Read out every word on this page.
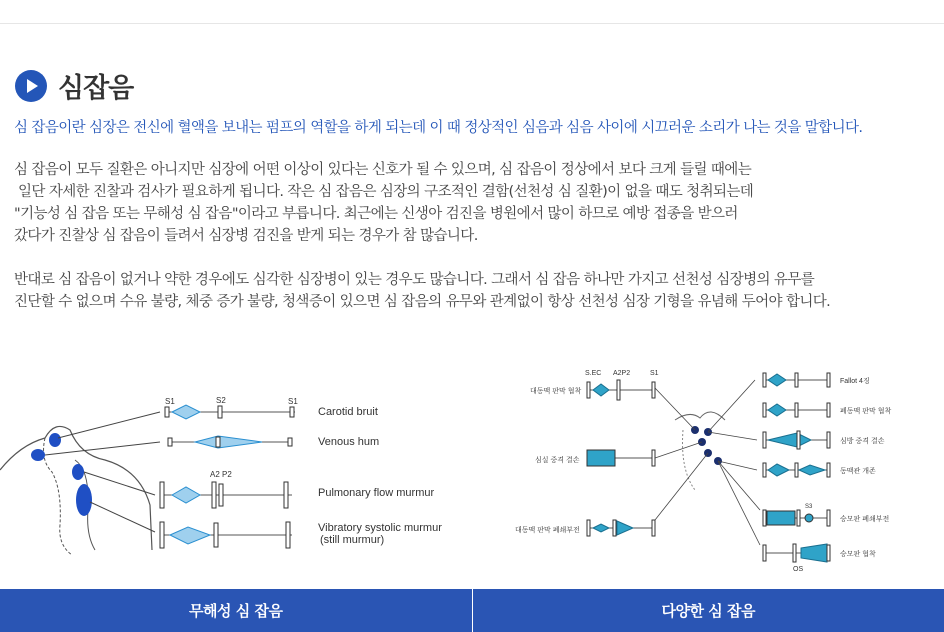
심잡음
심 잡음이란 심장은 전신에 혈액을 보내는 펌프의 역할을 하게 되는데 이 때 정상적인 심음과 심음 사이에 시끄러운 소리가 나는 것을 말합니다.
심 잡음이 모두 질환은 아니지만 심장에 어떤 이상이 있다는 신호가 될 수 있으며, 심 잡음이 정상에서 보다 크게 들릴 때에는
일단 자세한 진찰과 검사가 필요하게 됩니다. 작은 심 잡음은 심장의 구조적인 결함(선천성 심 질환)이 없을 때도 청취되는데
"기능성 심 잡음 또는 무해성 심 잡음"이라고 부릅니다. 최근에는 신생아 검진을 병원에서 많이 하므로 예방 접종을 받으러
갔다가 진찰상 심 잡음이 들려서 심장병 검진을 받게 되는 경우가 참 많습니다.
반대로 심 잡음이 없거나 약한 경우에도 심각한 심장병이 있는 경우도 많습니다. 그래서 심 잡음 하나만 가지고 선천성 심장병의 유무를
진단할 수 없으며 수유 불량, 체중 증가 불량, 청색증이 있으면 심 잡음의 유무와 관계없이 항상 선천성 심장 기형을 유념해 두어야 합니다.
S1	S2	S1
Carotid bruit
Venous hum
A2 P2
Pulmonary flow murmur
Vibratory systolic murmur
(still murmur)
대동맥 판막 협착
S.EC A2P2	S1
심실 중격 결손
대동맥 판막 폐쇄부전
Fallot 4징
폐동맥 판막 협착
심방 중격 결손
동맥관 개존
S3
승모판 폐쇄부전
OS
승모판 협착
무해성 심 잡음	다양한 심 잡음
